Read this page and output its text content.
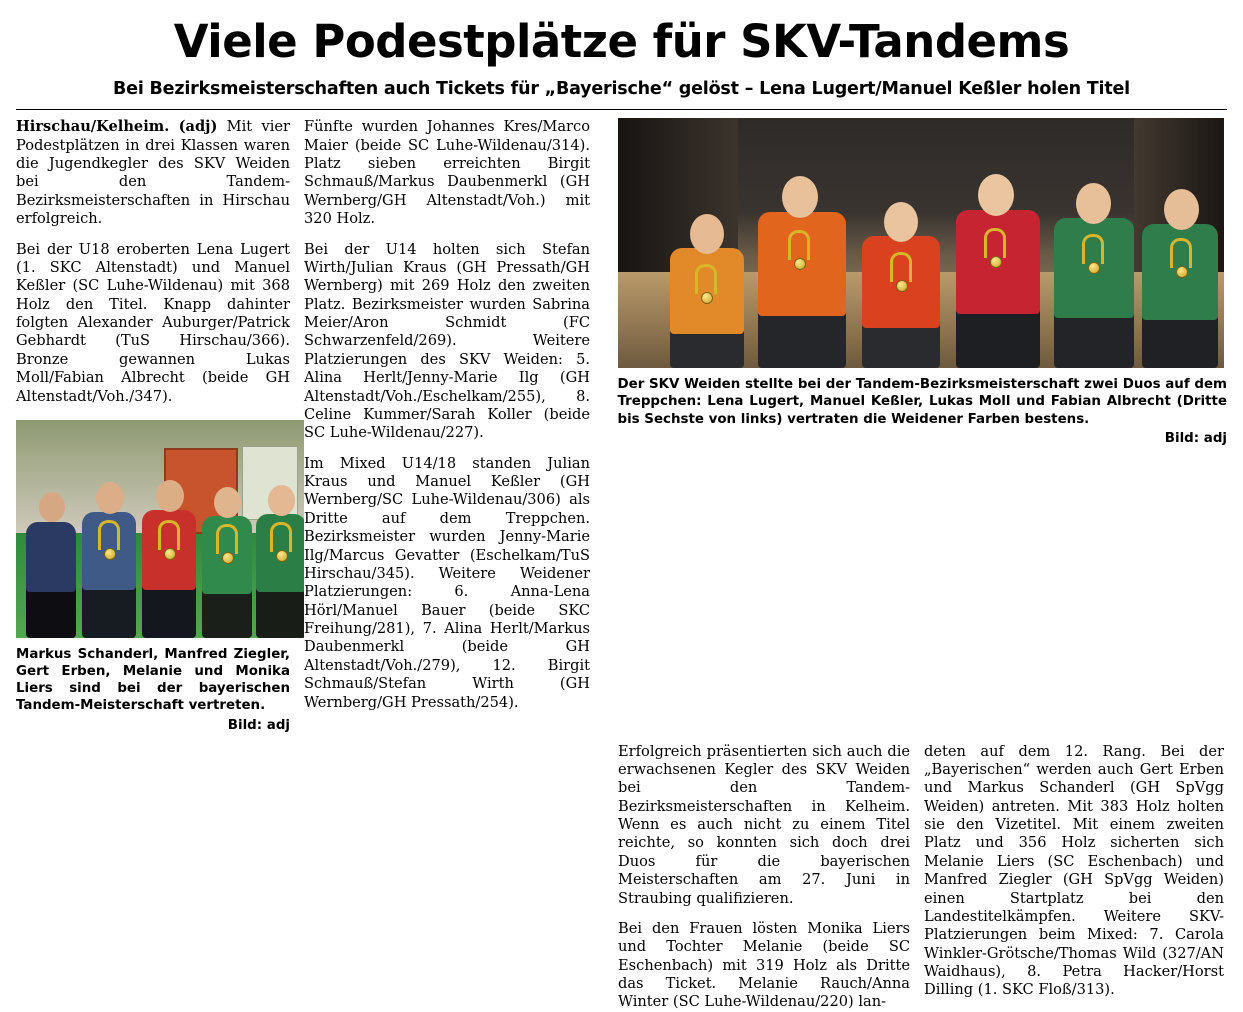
Viele Podestplätze für SKV-Tandems
Bei Bezirksmeisterschaften auch Tickets für „Bayerische“ gelöst – Lena Lugert/Manuel Keßler holen Titel

Hirschau/Kelheim. (adj) Mit vier Podestplätzen in drei Klassen waren die Jugendkegler des SKV Weiden bei den Tandem-Bezirksmeisterschaften in Hirschau erfolgreich.

Bei der U18 eroberten Lena Lugert (1. SKC Altenstadt) und Manuel Keßler (SC Luhe-Wildenau) mit 368 Holz den Titel. Knapp dahinter folgten Alexander Auburger/Patrick Gebhardt (TuS Hirschau/366). Bronze gewannen Lukas Moll/Fabian Albrecht (beide GH Altenstadt/Voh./347).

Markus Schanderl, Manfred Ziegler, Gert Erben, Melanie und Monika Liers sind bei der bayerischen Tandem-Meisterschaft vertreten.
Bild: adj

Fünfte wurden Johannes Kres/Marco Maier (beide SC Luhe-Wildenau/314). Platz sieben erreichten Birgit Schmauß/Markus Daubenmerkl (GH Wernberg/GH Altenstadt/Voh.) mit 320 Holz.

Bei der U14 holten sich Stefan Wirth/Julian Kraus (GH Pressath/GH Wernberg) mit 269 Holz den zweiten Platz. Bezirksmeister wurden Sabrina Meier/Aron Schmidt (FC Schwarzenfeld/269). Weitere Platzierungen des SKV Weiden: 5. Alina Herlt/Jenny-Marie Ilg (GH Altenstadt/Voh./Eschelkam/255), 8. Celine Kummer/Sarah Koller (beide SC Luhe-Wildenau/227).

Im Mixed U14/18 standen Julian Kraus und Manuel Keßler (GH Wernberg/SC Luhe-Wildenau/306) als Dritte auf dem Treppchen. Bezirksmeister wurden Jenny-Marie Ilg/Marcus Gevatter (Eschelkam/TuS Hirschau/345). Weitere Weidener Platzierungen: 6. Anna-Lena Hörl/Manuel Bauer (beide SKC Freihung/281), 7. Alina Herlt/Markus Daubenmerkl (beide GH Altenstadt/Voh./279), 12. Birgit Schmauß/Stefan Wirth (GH Wernberg/GH Pressath/254).

Der SKV Weiden stellte bei der Tandem-Bezirksmeisterschaft zwei Duos auf dem Treppchen: Lena Lugert, Manuel Keßler, Lukas Moll und Fabian Albrecht (Dritte bis Sechste von links) vertraten die Weidener Farben bestens.
Bild: adj

Erfolgreich präsentierten sich auch die erwachsenen Kegler des SKV Weiden bei den Tandem-Bezirksmeisterschaften in Kelheim. Wenn es auch nicht zu einem Titel reichte, so konnten sich doch drei Duos für die bayerischen Meisterschaften am 27. Juni in Straubing qualifizieren.

Bei den Frauen lösten Monika Liers und Tochter Melanie (beide SC Eschenbach) mit 319 Holz als Dritte das Ticket. Melanie Rauch/Anna Winter (SC Luhe-Wildenau/220) lan-

deten auf dem 12. Rang. Bei der „Bayerischen“ werden auch Gert Erben und Markus Schanderl (GH SpVgg Weiden) antreten. Mit 383 Holz holten sie den Vizetitel. Mit einem zweiten Platz und 356 Holz sicherten sich Melanie Liers (SC Eschenbach) und Manfred Ziegler (GH SpVgg Weiden) einen Startplatz bei den Landestitelkämpfen. Weitere SKV-Platzierungen beim Mixed: 7. Carola Winkler-Grötsche/Thomas Wild (327/AN Waidhaus), 8. Petra Hacker/Horst Dilling (1. SKC Floß/313).
